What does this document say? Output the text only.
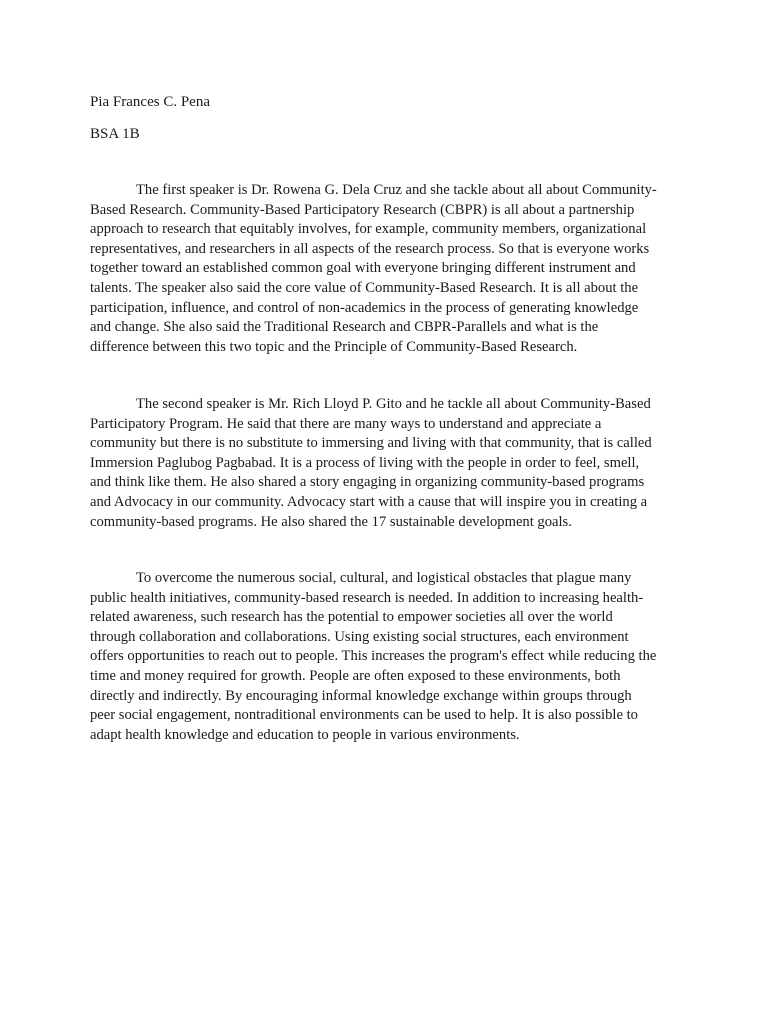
Pia Frances C. Pena
BSA 1B
The first speaker is Dr. Rowena G. Dela Cruz and she tackle about all about Community-
Based Research. Community-Based Participatory Research (CBPR) is all about a partnership
approach to research that equitably involves, for example, community members, organizational
representatives, and researchers in all aspects of the research process. So that is everyone works
together toward an established common goal with everyone bringing different instrument and
talents. The speaker also said the core value of Community-Based Research. It is all about the
participation, influence, and control of non-academics in the process of generating knowledge
and change. She also said the Traditional Research and CBPR-Parallels and what is the
difference between this two topic and the Principle of Community-Based Research.
The second speaker is Mr. Rich Lloyd P. Gito and he tackle all about Community-Based
Participatory Program. He said that there are many ways to understand and appreciate a
community but there is no substitute to immersing and living with that community, that is called
Immersion Paglubog Pagbabad. It is a process of living with the people in order to feel, smell,
and think like them. He also shared a story engaging in organizing community-based programs
and Advocacy in our community. Advocacy start with a cause that will inspire you in creating a
community-based programs. He also shared the 17 sustainable development goals.
To overcome the numerous social, cultural, and logistical obstacles that plague many
public health initiatives, community-based research is needed. In addition to increasing health-
related awareness, such research has the potential to empower societies all over the world
through collaboration and collaborations. Using existing social structures, each environment
offers opportunities to reach out to people. This increases the program's effect while reducing the
time and money required for growth. People are often exposed to these environments, both
directly and indirectly. By encouraging informal knowledge exchange within groups through
peer social engagement, nontraditional environments can be used to help. It is also possible to
adapt health knowledge and education to people in various environments.
